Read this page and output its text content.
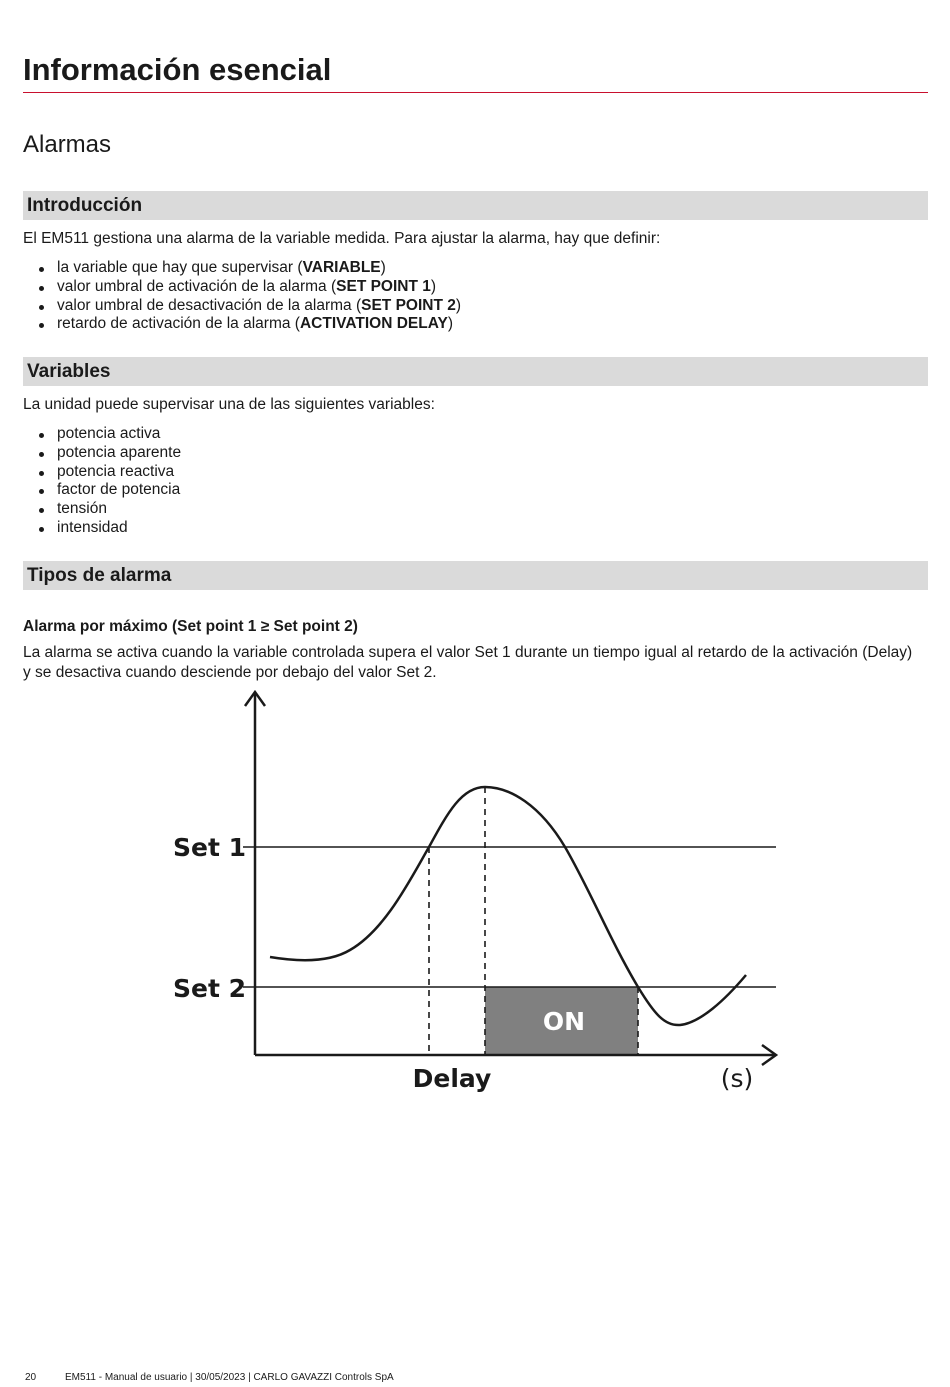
Información esencial
Alarmas
Introducción
El EM511 gestiona una alarma de la variable medida. Para ajustar la alarma, hay que definir:
la variable que hay que supervisar (VARIABLE)
valor umbral de activación de la alarma (SET POINT 1)
valor umbral de desactivación de la alarma (SET POINT 2)
retardo de activación de la alarma (ACTIVATION DELAY)
Variables
La unidad puede supervisar una de las siguientes variables:
potencia activa
potencia aparente
potencia reactiva
factor de potencia
tensión
intensidad
Tipos de alarma
Alarma por máximo (Set point 1 ≥ Set point 2)
La alarma se activa cuando la variable controlada supera el valor Set 1 durante un tiempo igual al retardo de la activación (Delay)
y se desactiva cuando desciende por debajo del valor Set 2.
Set 1
Set 2
ON
Delay	(s)
20	EM511 - Manual de usuario | 30/05/2023 | CARLO GAVAZZI Controls SpA
